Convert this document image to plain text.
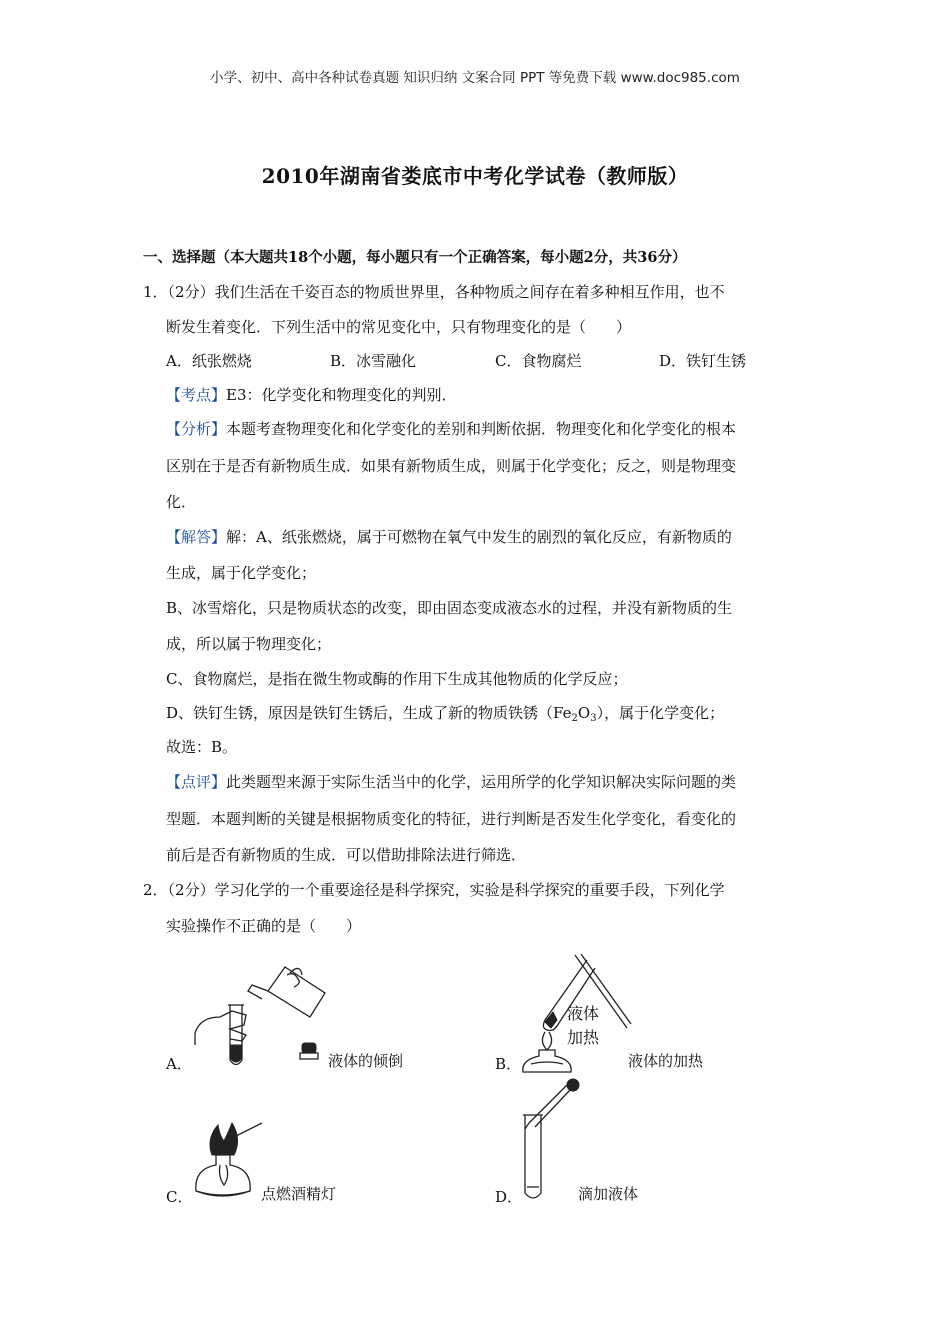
小学、初中、高中各种试卷真题 知识归纳 文案合同 PPT 等免费下载 www.doc985.com
2010年湖南省娄底市中考化学试卷（教师版）
一、选择题（本大题共18个小题，每小题只有一个正确答案，每小题2分，共36分）
1．（2分）我们生活在千姿百态的物质世界里，各种物质之间存在着多种相互作用，也不
断发生着变化．下列生活中的常见变化中，只有物理变化的是（　　）
A．纸张燃烧	B．冰雪融化	C．食物腐烂	D．铁钉生锈
【考点】E3：化学变化和物理变化的判别．
【分析】本题考查物理变化和化学变化的差别和判断依据．物理变化和化学变化的根本
区别在于是否有新物质生成．如果有新物质生成，则属于化学变化；反之，则是物理变
化．
【解答】解：A、纸张燃烧，属于可燃物在氧气中发生的剧烈的氧化反应，有新物质的
生成，属于化学变化；
B、冰雪熔化，只是物质状态的改变，即由固态变成液态水的过程，并没有新物质的生
成，所以属于物理变化；
C、食物腐烂，是指在微生物或酶的作用下生成其他物质的化学反应；
D、铁钉生锈，原因是铁钉生锈后，生成了新的物质铁锈$(Fe_2O_3)$，属于化学变化；
故选：B。
【点评】此类题型来源于实际生活当中的化学，运用所学的化学知识解决实际问题的类
型题．本题判断的关键是根据物质变化的特征，进行判断是否发生化学变化，看变化的
前后是否有新物质的生成．可以借助排除法进行筛选．
2．（2分）学习化学的一个重要途径是科学探究，实验是科学探究的重要手段，下列化学
实验操作不正确的是（　　）
A．	液体的倾倒
液体
加热
B．	液体的加热
C．	点燃酒精灯	D．	滴加液体
